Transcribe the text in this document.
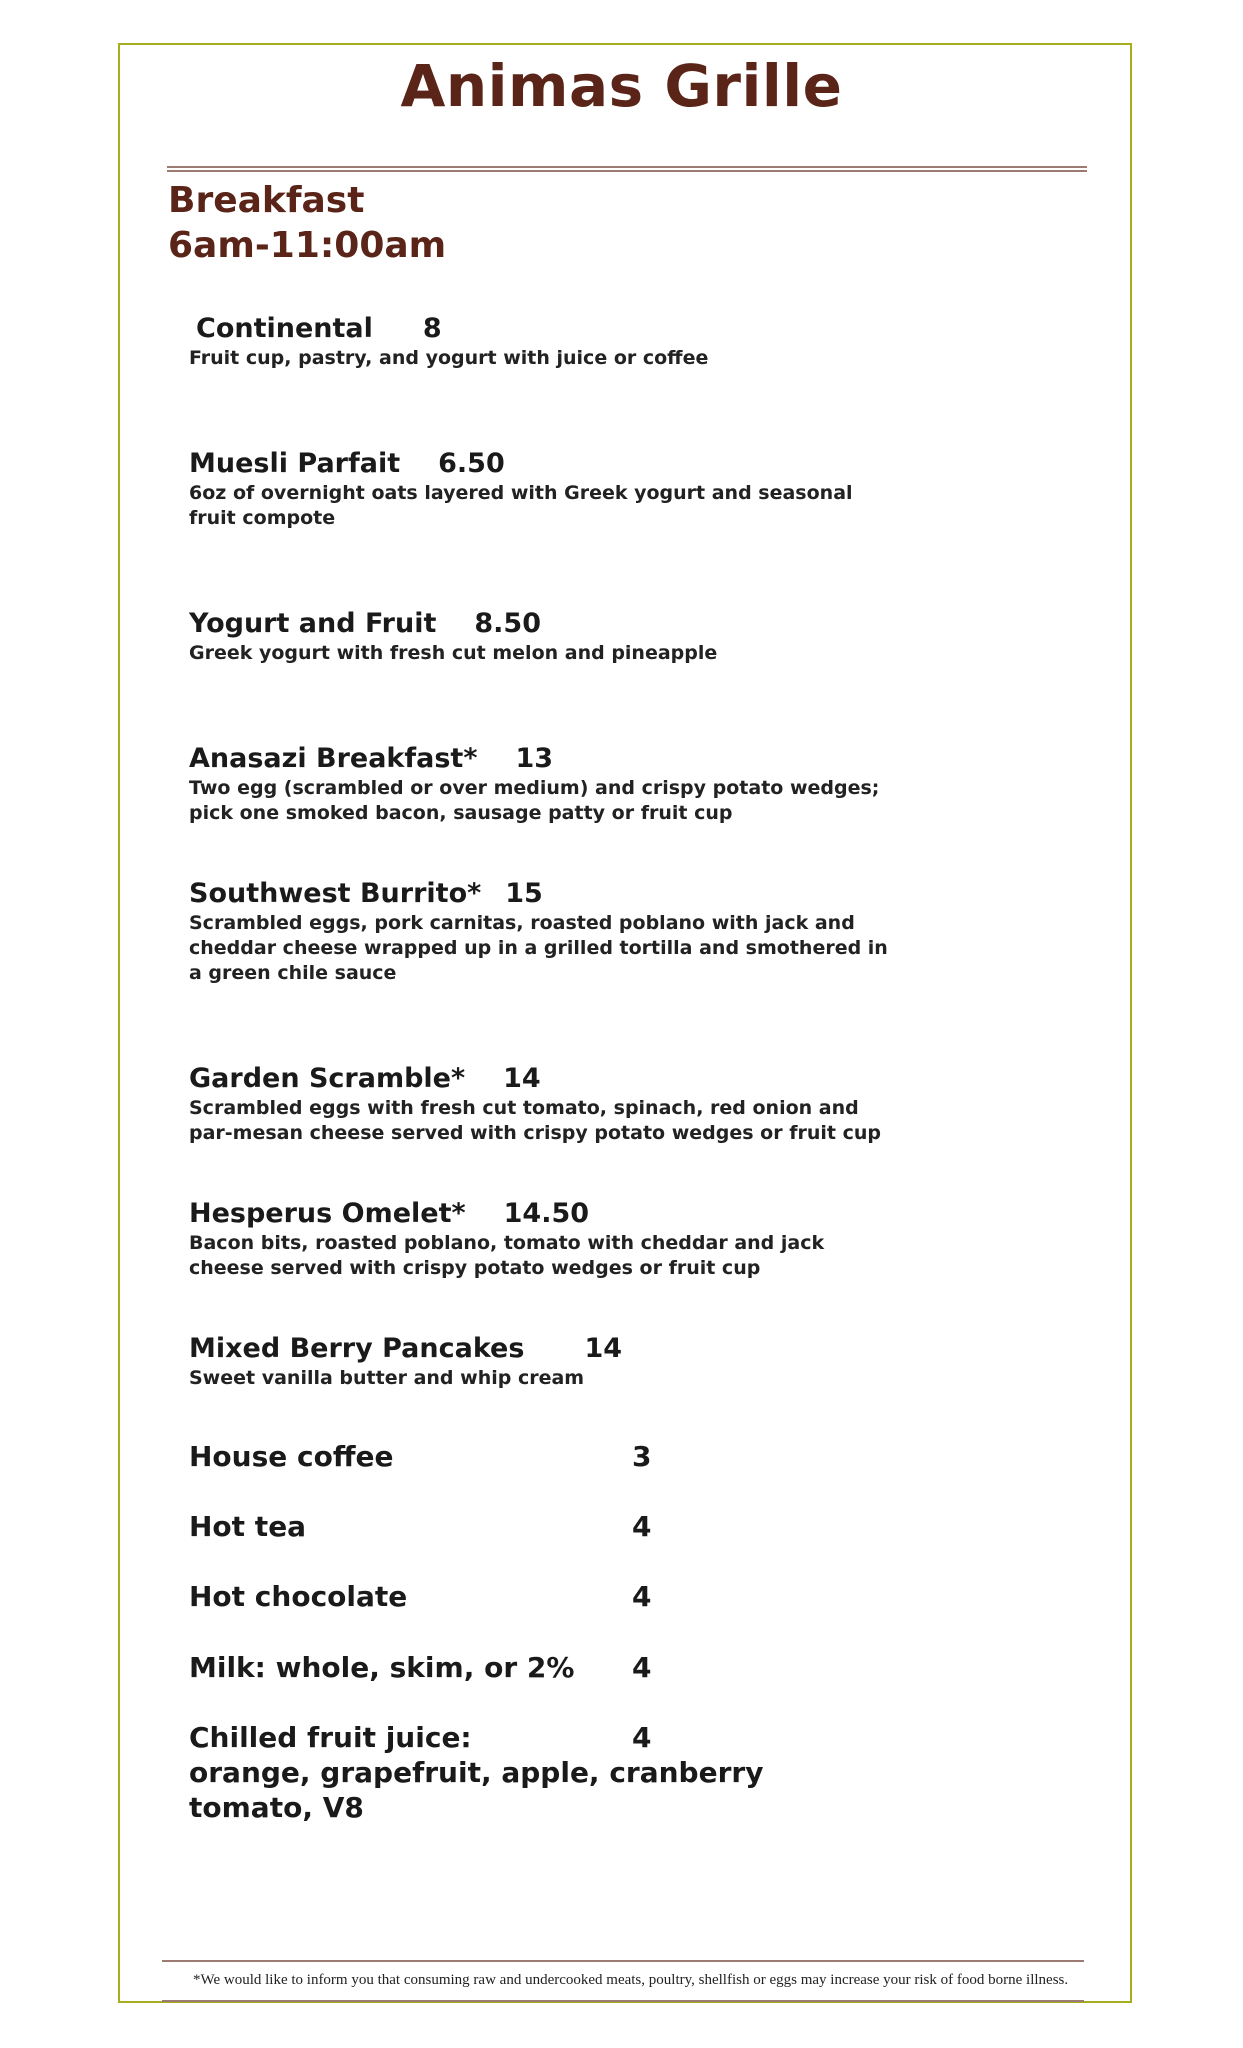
Animas Grille
Breakfast
6am-11:00am
Continental 8
Fruit cup, pastry, and yogurt with juice or coffee
Muesli Parfait 6.50
6oz of overnight oats layered with Greek yogurt and seasonal fruit compote
Yogurt and Fruit 8.50
Greek yogurt with fresh cut melon and pineapple
Anasazi Breakfast* 13
Two egg (scrambled or over medium) and crispy potato wedges; pick one smoked bacon, sausage patty or fruit cup
Southwest Burrito* 15
Scrambled eggs, pork carnitas, roasted poblano with jack and cheddar cheese wrapped up in a grilled tortilla and smothered in a green chile sauce
Garden Scramble* 14
Scrambled eggs with fresh cut tomato, spinach, red onion and par-mesan cheese served with crispy potato wedges or fruit cup
Hesperus Omelet* 14.50
Bacon bits, roasted poblano, tomato with cheddar and jack cheese served with crispy potato wedges or fruit cup
Mixed Berry Pancakes 14
Sweet vanilla butter and whip cream
House coffee	3
Hot tea	4
Hot chocolate	4
Milk: whole, skim, or 2% 4
Chilled fruit juice:	4
orange, grapefruit, apple, cranberry
tomato, V8
*We would like to inform you that consuming raw and undercooked meats, poultry, shellfish or eggs may increase your risk of food borne illness.
